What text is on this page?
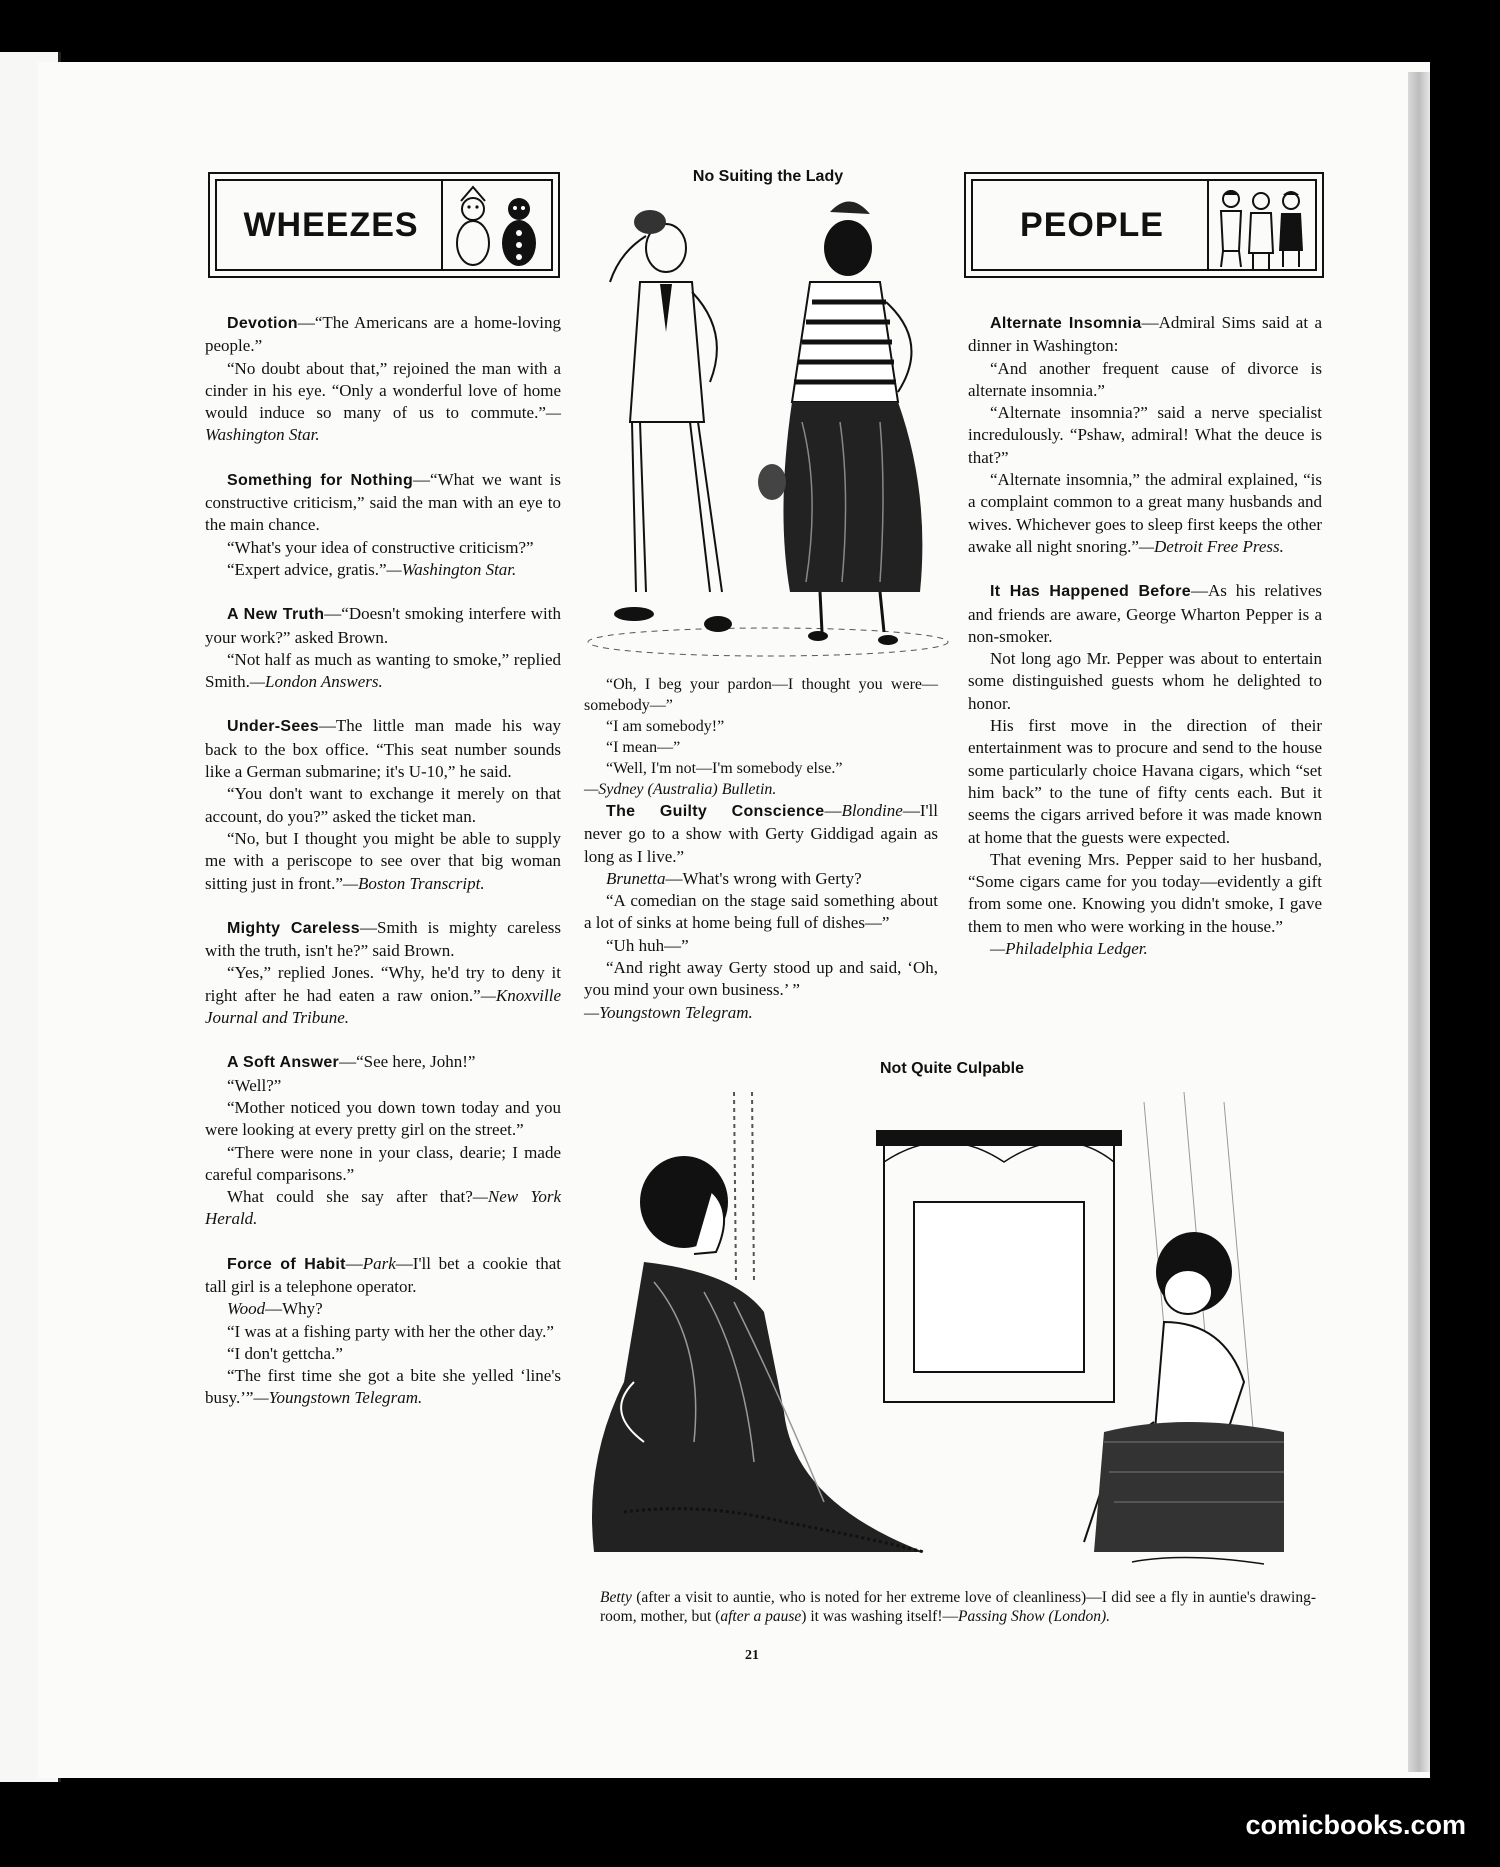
WHEEZES	PEOPLE

Devotion—“The Americans are a home-loving people.”

“No doubt about that,” rejoined the man with a cinder in his eye. “Only a wonderful love of home would induce so many of us to commute.”—Washington Star.

Something for Nothing—“What we want is constructive criticism,” said the man with an eye to the main chance.

“What's your idea of constructive criticism?”

“Expert advice, gratis.”—Washington Star.

A New Truth—“Doesn't smoking interfere with your work?” asked Brown.

“Not half as much as wanting to smoke,” replied Smith.—London Answers.

Under-Sees—The little man made his way back to the box office. “This seat number sounds like a German submarine; it's U-10,” he said.

“You don't want to exchange it merely on that account, do you?” asked the ticket man.

“No, but I thought you might be able to supply me with a periscope to see over that big woman sitting just in front.”—Boston Transcript.

Mighty Careless—Smith is mighty careless with the truth, isn't he?” said Brown.

“Yes,” replied Jones. “Why, he'd try to deny it right after he had eaten a raw onion.”—Knoxville Journal and Tribune.

A Soft Answer—“See here, John!”

“Well?”

“Mother noticed you down town today and you were looking at every pretty girl on the street.”

“There were none in your class, dearie; I made careful comparisons.”

What could she say after that?—New York Herald.

Force of Habit—Park—I'll bet a cookie that tall girl is a telephone operator.

Wood—Why?

“I was at a fishing party with her the other day.”

“I don't gettcha.”

“The first time she got a bite she yelled ‘line's busy.’”—Youngstown Telegram.

No Suiting the Lady

“Oh, I beg your pardon—I thought you were—somebody—”

“I am somebody!”

“I mean—”

“Well, I'm not—I'm somebody else.”

—Sydney (Australia) Bulletin.

The Guilty Conscience—Blondine—I'll never go to a show with Gerty Giddigad again as long as I live.”

Brunetta—What's wrong with Gerty?

“A comedian on the stage said something about a lot of sinks at home being full of dishes—”

“Uh huh—”

“And right away Gerty stood up and said, ‘Oh, you mind your own business.’ ”

—Youngstown Telegram.

Alternate Insomnia—Admiral Sims said at a dinner in Washington:

“And another frequent cause of divorce is alternate insomnia.”

“Alternate insomnia?” said a nerve specialist incredulously. “Pshaw, admiral! What the deuce is that?”

“Alternate insomnia,” the admiral explained, “is a complaint common to a great many husbands and wives. Whichever goes to sleep first keeps the other awake all night snoring.”—Detroit Free Press.

It Has Happened Before—As his relatives and friends are aware, George Wharton Pepper is a non-smoker.

Not long ago Mr. Pepper was about to entertain some distinguished guests whom he delighted to honor.

His first move in the direction of their entertainment was to procure and send to the house some particularly choice Havana cigars, which “set him back” to the tune of fifty cents each. But it seems the cigars arrived before it was made known at home that the guests were expected.

That evening Mrs. Pepper said to her husband, “Some cigars came for you today—evidently a gift from some one. Knowing you didn't smoke, I gave them to men who were working in the house.”

—Philadelphia Ledger.

Not Quite Culpable

Betty (after a visit to auntie, who is noted for her extreme love of cleanliness)—I did see a fly in auntie's drawing-room, mother, but (after a pause) it was washing itself!—Passing Show (London).

21
comicbooks.com
